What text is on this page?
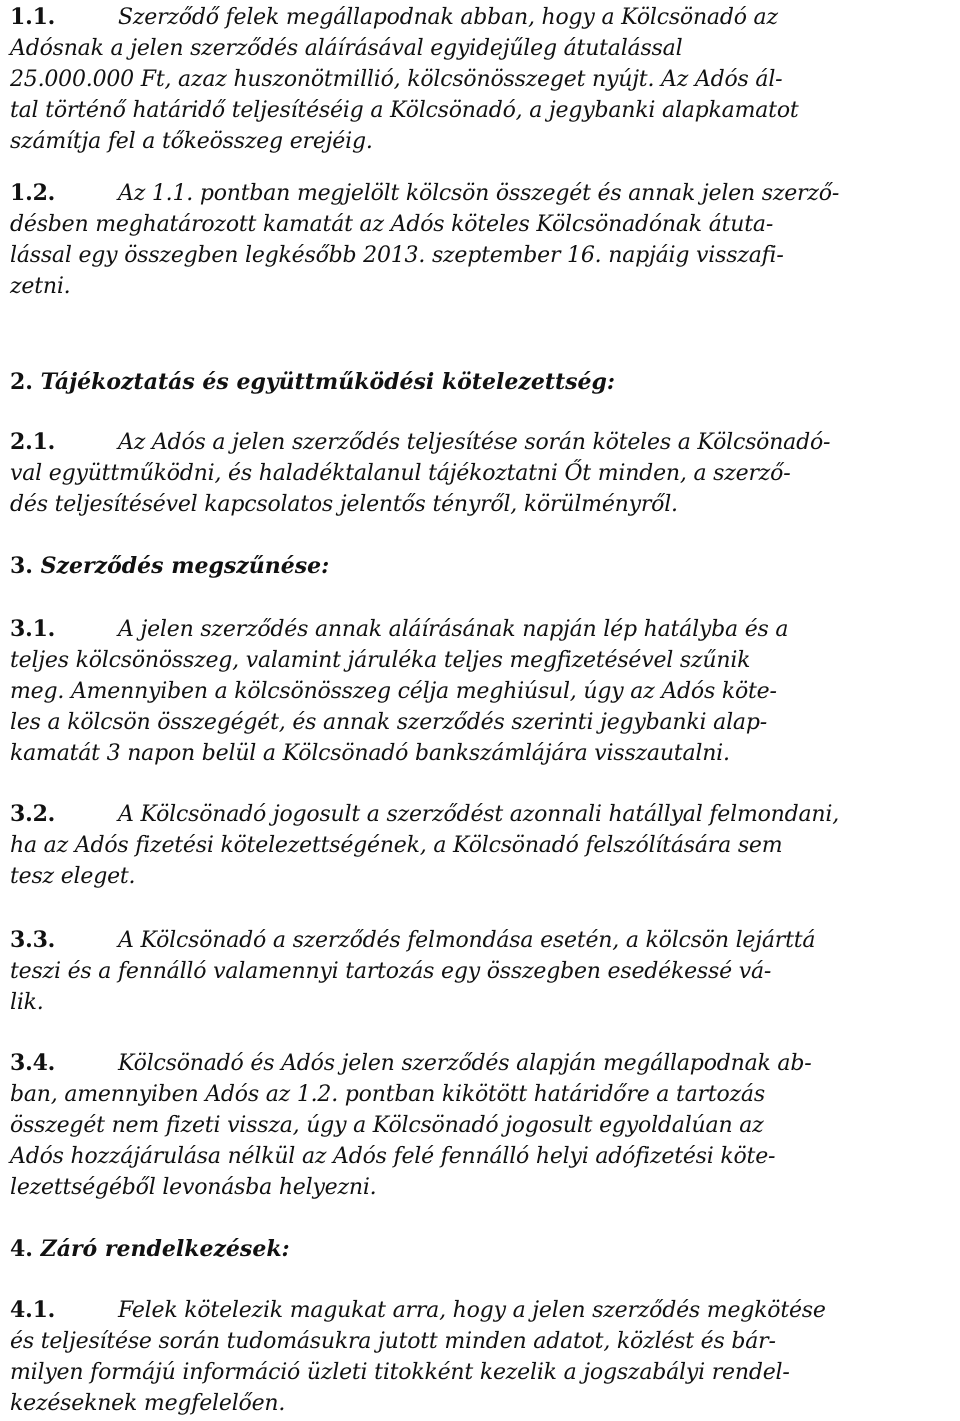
1.1.	Szerződő felek megállapodnak abban, hogy a Kölcsönadó az
Adósnak a jelen szerződés aláírásával egyidejűleg átutalással
25.000.000 Ft, azaz huszonötmillió, kölcsönösszeget nyújt. Az Adós ál-
tal történő határidő teljesítéséig a Kölcsönadó, a jegybanki alapkamatot
számítja fel a tőkeösszeg erejéig.
1.2.	Az 1.1. pontban megjelölt kölcsön összegét és annak jelen szerző-
désben meghatározott kamatát az Adós köteles Kölcsönadónak átuta-
lással egy összegben legkésőbb 2013. szeptember 16. napjáig visszafi-
zetni.
2. Tájékoztatás és együttműködési kötelezettség:
2.1.	Az Adós a jelen szerződés teljesítése során köteles a Kölcsönadó-
val együttműködni, és haladéktalanul tájékoztatni Őt minden, a szerző-
dés teljesítésével kapcsolatos jelentős tényről, körülményről.
3. Szerződés megszűnése:
3.1.	A jelen szerződés annak aláírásának napján lép hatályba és a
teljes kölcsönösszeg, valamint járuléka teljes megfizetésével szűnik
meg. Amennyiben a kölcsönösszeg célja meghiúsul, úgy az Adós köte-
les a kölcsön összegégét, és annak szerződés szerinti jegybanki alap-
kamatát 3 napon belül a Kölcsönadó bankszámlájára visszautalni.
3.2.	A Kölcsönadó jogosult a szerződést azonnali hatállyal felmondani,
ha az Adós fizetési kötelezettségének, a Kölcsönadó felszólítására sem
tesz eleget.
3.3.	A Kölcsönadó a szerződés felmondása esetén, a kölcsön lejárttá
teszi és a fennálló valamennyi tartozás egy összegben esedékessé vá-
lik.
3.4.	Kölcsönadó és Adós jelen szerződés alapján megállapodnak ab-
ban, amennyiben Adós az 1.2. pontban kikötött határidőre a tartozás
összegét nem fizeti vissza, úgy a Kölcsönadó jogosult egyoldalúan az
Adós hozzájárulása nélkül az Adós felé fennálló helyi adófizetési köte-
lezettségéből levonásba helyezni.
4. Záró rendelkezések:
4.1.	Felek kötelezik magukat arra, hogy a jelen szerződés megkötése
és teljesítése során tudomásukra jutott minden adatot, közlést és bár-
milyen formájú információ üzleti titokként kezelik a jogszabályi rendel-
kezéseknek megfelelően.
